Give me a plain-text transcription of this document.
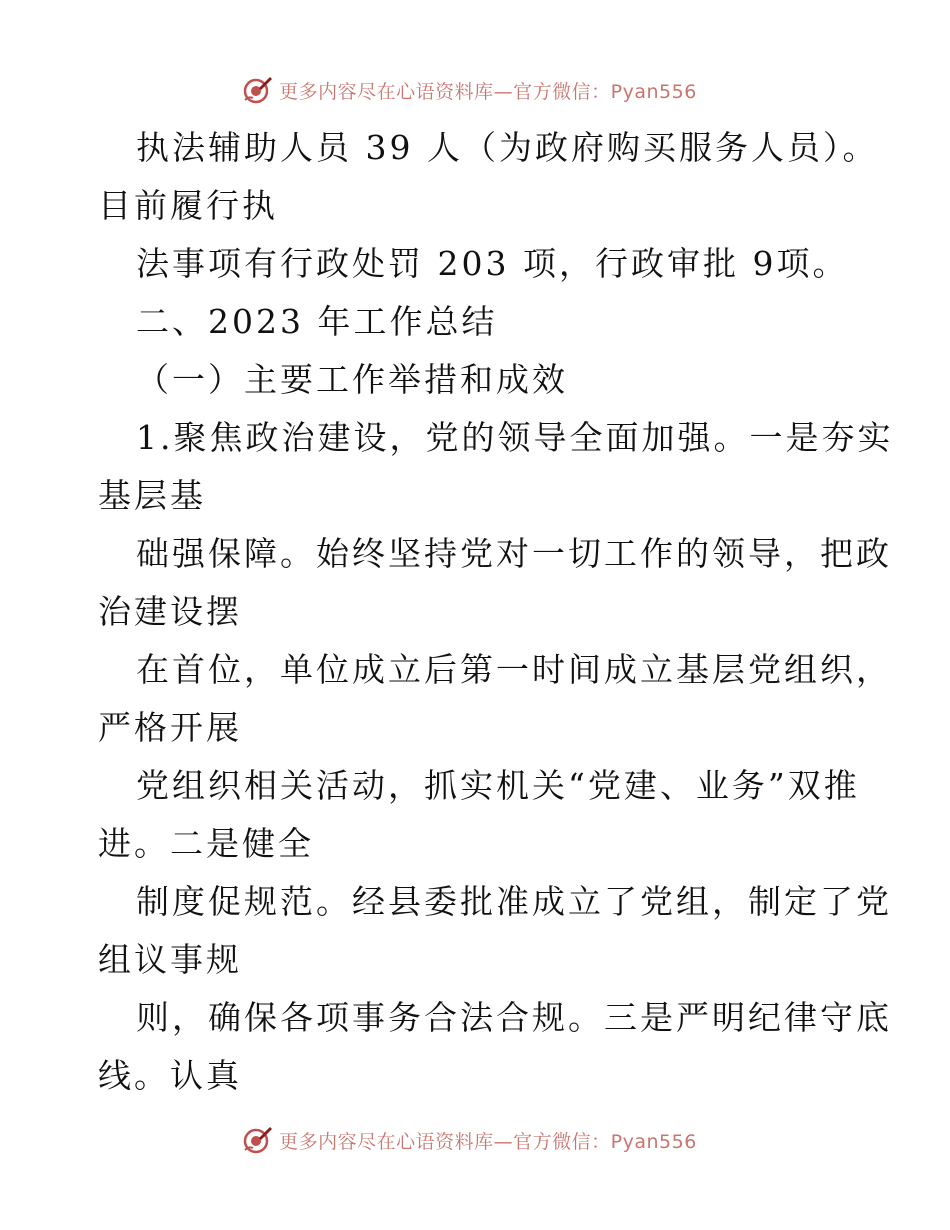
更多内容尽在心语资料库—官方微信：Pyan556
执法辅助人员 39 人（为政府购买服务人员）。
目前履行执
法事项有行政处罚 203 项，行政审批 9项。
二、2023 年工作总结
（一）主要工作举措和成效
1.聚焦政治建设，党的领导全面加强。一是夯实
基层基
础强保障。始终坚持党对一切工作的领导，把政
治建设摆
在首位，单位成立后第一时间成立基层党组织，
严格开展
党组织相关活动，抓实机关“党建、业务”双推
进。二是健全
制度促规范。经县委批准成立了党组，制定了党
组议事规
则，确保各项事务合法合规。三是严明纪律守底
线。认真
更多内容尽在心语资料库—官方微信：Pyan556
